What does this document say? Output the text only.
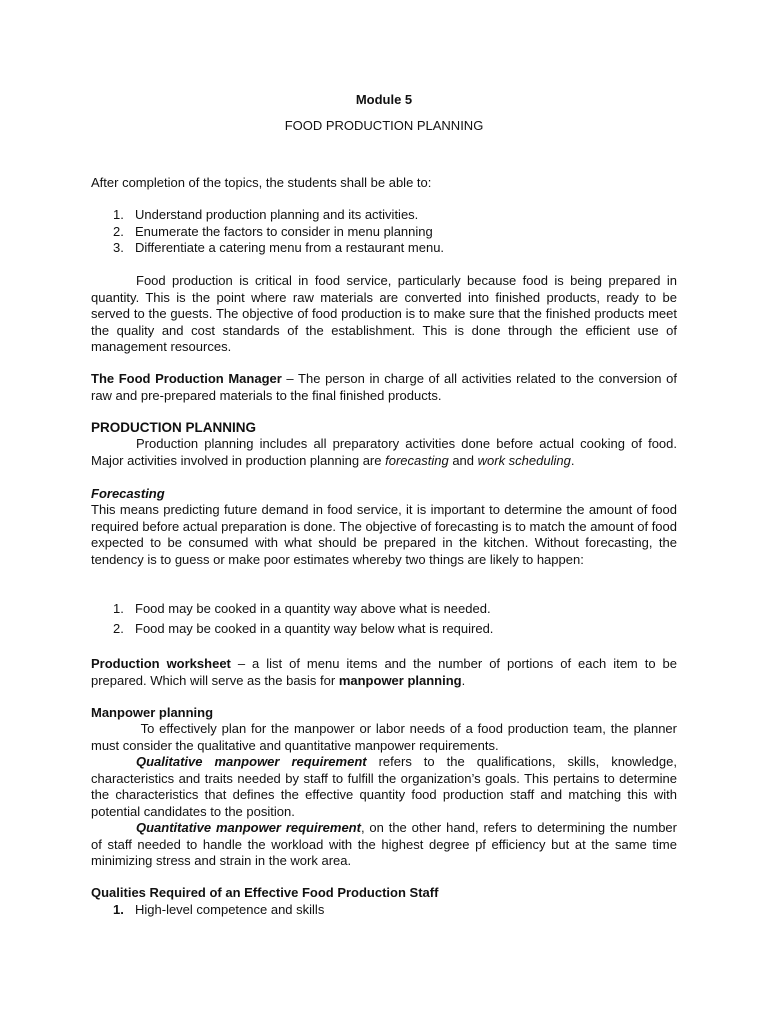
Module 5
FOOD PRODUCTION PLANNING
After completion of the topics, the students shall be able to:
1. Understand production planning and its activities.
2. Enumerate the factors to consider in menu planning
3. Differentiate a catering menu from a restaurant menu.
Food production is critical in food service, particularly because food is being prepared in quantity. This is the point where raw materials are converted into finished products, ready to be served to the guests. The objective of food production is to make sure that the finished products meet the quality and cost standards of the establishment. This is done through the efficient use of management resources.
The Food Production Manager – The person in charge of all activities related to the conversion of raw and pre-prepared materials to the final finished products.
PRODUCTION PLANNING
Production planning includes all preparatory activities done before actual cooking of food. Major activities involved in production planning are forecasting and work scheduling.
Forecasting
This means predicting future demand in food service, it is important to determine the amount of food required before actual preparation is done. The objective of forecasting is to match the amount of food expected to be consumed with what should be prepared in the kitchen. Without forecasting, the tendency is to guess or make poor estimates whereby two things are likely to happen:
1. Food may be cooked in a quantity way above what is needed.
2. Food may be cooked in a quantity way below what is required.
Production worksheet – a list of menu items and the number of portions of each item to be prepared. Which will serve as the basis for manpower planning.
Manpower planning
To effectively plan for the manpower or labor needs of a food production team, the planner must consider the qualitative and quantitative manpower requirements.
Qualitative manpower requirement refers to the qualifications, skills, knowledge, characteristics and traits needed by staff to fulfill the organization’s goals. This pertains to determine the characteristics that defines the effective quantity food production staff and matching this with potential candidates to the position.
Quantitative manpower requirement, on the other hand, refers to determining the number of staff needed to handle the workload with the highest degree pf efficiency but at the same time minimizing stress and strain in the work area.
Qualities Required of an Effective Food Production Staff
1. High-level competence and skills
